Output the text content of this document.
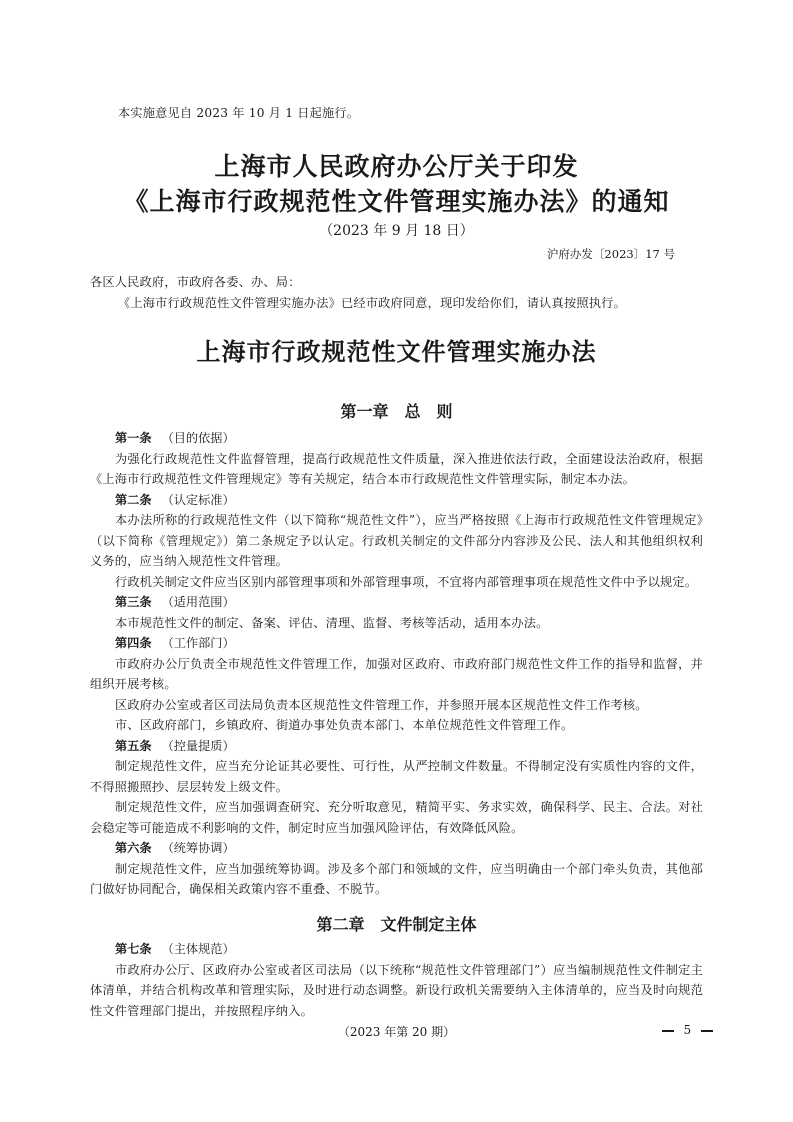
本实施意见自 2023 年 10 月 1 日起施行。
上海市人民政府办公厅关于印发
《上海市行政规范性文件管理实施办法》的通知
（2023 年 9 月 18 日）
沪府办发〔2023〕17 号
各区人民政府，市政府各委、办、局：
《上海市行政规范性文件管理实施办法》已经市政府同意，现印发给你们，请认真按照执行。
上海市行政规范性文件管理实施办法
第一章　总　则
第一条 （目的依据）
为强化行政规范性文件监督管理，提高行政规范性文件质量，深入推进依法行政，全面建设法治政府，根据《上海市行政规范性文件管理规定》等有关规定，结合本市行政规范性文件管理实际，制定本办法。
第二条 （认定标准）
本办法所称的行政规范性文件（以下简称“规范性文件”），应当严格按照《上海市行政规范性文件管理规定》（以下简称《管理规定》）第二条规定予以认定。行政机关制定的文件部分内容涉及公民、法人和其他组织权利义务的，应当纳入规范性文件管理。
行政机关制定文件应当区别内部管理事项和外部管理事项，不宜将内部管理事项在规范性文件中予以规定。
第三条 （适用范围）
本市规范性文件的制定、备案、评估、清理、监督、考核等活动，适用本办法。
第四条 （工作部门）
市政府办公厅负责全市规范性文件管理工作，加强对区政府、市政府部门规范性文件工作的指导和监督，并组织开展考核。
区政府办公室或者区司法局负责本区规范性文件管理工作，并参照开展本区规范性文件工作考核。
市、区政府部门，乡镇政府、街道办事处负责本部门、本单位规范性文件管理工作。
第五条 （控量提质）
制定规范性文件，应当充分论证其必要性、可行性，从严控制文件数量。不得制定没有实质性内容的文件，不得照搬照抄、层层转发上级文件。
制定规范性文件，应当加强调查研究、充分听取意见，精简平实、务求实效，确保科学、民主、合法。对社会稳定等可能造成不利影响的文件，制定时应当加强风险评估，有效降低风险。
第六条 （统筹协调）
制定规范性文件，应当加强统筹协调。涉及多个部门和领域的文件，应当明确由一个部门牵头负责，其他部门做好协同配合，确保相关政策内容不重叠、不脱节。
第二章　文件制定主体
第七条 （主体规范）
市政府办公厅、区政府办公室或者区司法局（以下统称“规范性文件管理部门”）应当编制规范性文件制定主体清单，并结合机构改革和管理实际，及时进行动态调整。新设行政机关需要纳入主体清单的，应当及时向规范性文件管理部门提出，并按照程序纳入。
（2023 年第 20 期）	5
